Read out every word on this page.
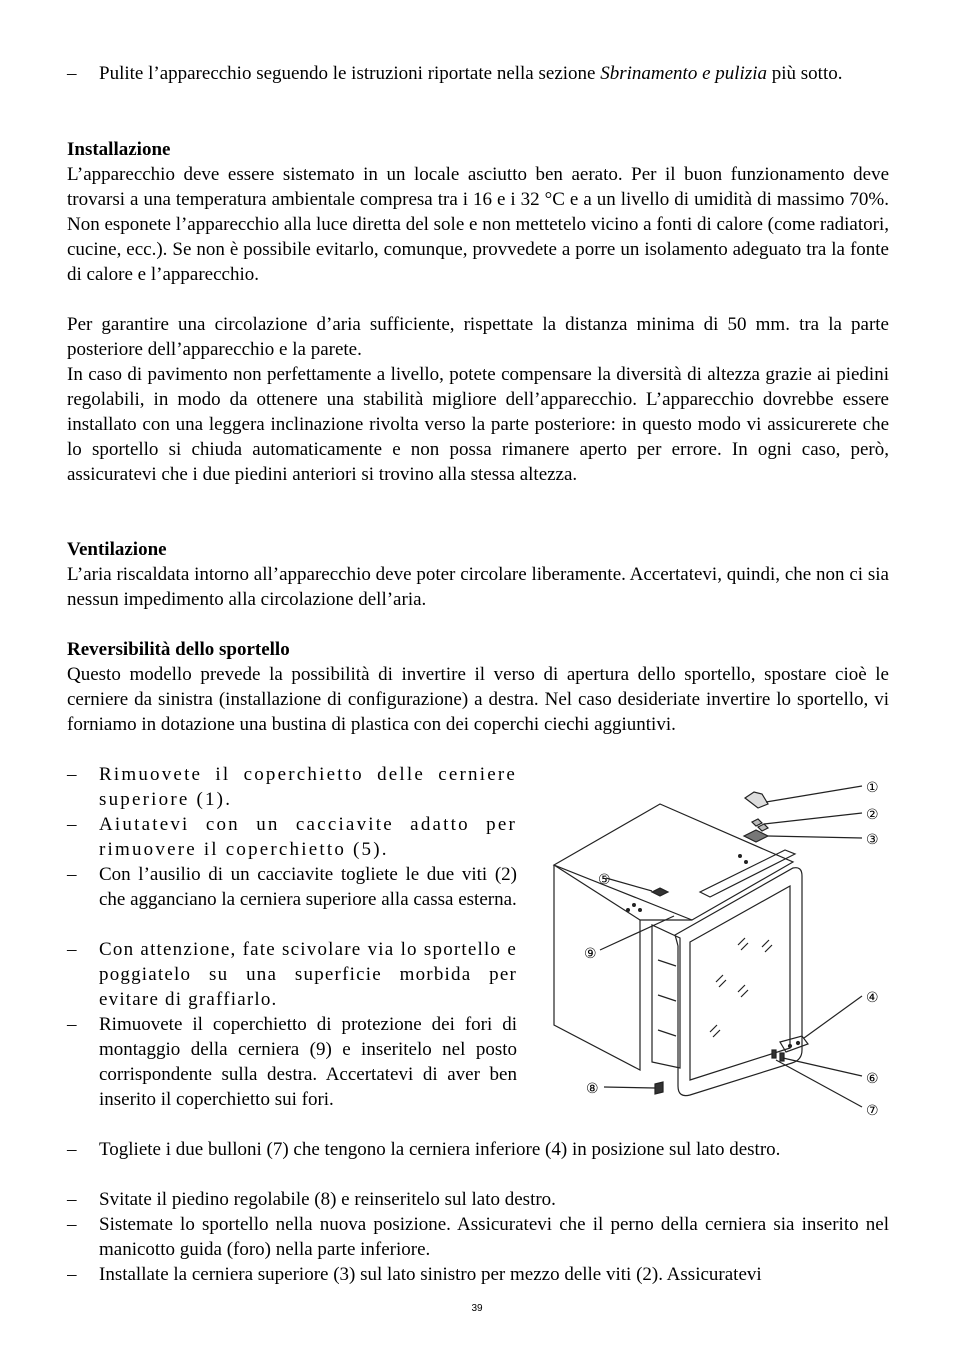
–	Pulite l’apparecchio seguendo le istruzioni riportate nella sezione Sbrinamento e pulizia più sotto.
Installazione
L’apparecchio deve essere sistemato in un locale asciutto ben aerato. Per il buon funzionamento deve trovarsi a una temperatura ambientale compresa tra i 16 e i 32 °C e a un livello di umidità di massimo 70%. Non esponete l’apparecchio alla luce diretta del sole e non mettetelo vicino a fonti di calore (come radiatori, cucine, ecc.). Se non è possibile evitarlo, comunque, provvedete a porre un isolamento adeguato tra la fonte di calore e l’apparecchio.
Per garantire una circolazione d’aria sufficiente, rispettate la distanza minima di 50 mm. tra la parte posteriore dell’apparecchio e la parete.
In caso di pavimento non perfettamente a livello, potete compensare la diversità di altezza grazie ai piedini regolabili, in modo da ottenere una stabilità migliore dell’apparecchio. L’apparecchio dovrebbe essere installato con una leggera inclinazione rivolta verso la parte posteriore: in questo modo vi assicurerete che lo sportello si chiuda automaticamente e non possa rimanere aperto per errore. In ogni caso, però, assicuratevi che i due piedini anteriori si trovino alla stessa altezza.
Ventilazione
L’aria riscaldata intorno all’apparecchio deve poter circolare liberamente. Accertatevi, quindi, che non ci sia nessun impedimento alla circolazione dell’aria.
Reversibilità dello sportello
Questo modello prevede la possibilità di invertire il verso di apertura dello sportello, spostare cioè le cerniere da sinistra (installazione di configurazione) a destra. Nel caso desideriate invertire lo sportello, vi forniamo in dotazione una bustina di plastica con dei coperchi ciechi aggiuntivi.
–	Rimuovete il coperchietto delle cerniere superiore (1).
–	Aiutatevi con un cacciavite adatto per rimuovere il coperchietto (5).
–	Con l’ausilio di un cacciavite togliete le due viti (2) che agganciano la cerniera superiore alla cassa esterna.
–	Con attenzione, fate scivolare via lo sportello e poggiatelo su una superficie morbida per evitare di graffiarlo.
–	Rimuovete il coperchietto di protezione dei fori di montaggio della cerniera (9) e inseritelo nel posto corrispondente sulla destra. Accertatevi di aver ben inserito il coperchietto sui fori.
–	Togliete i due bulloni (7) che tengono la cerniera inferiore (4) in posizione sul lato destro.
–	Svitate il piedino regolabile (8) e reinseritelo sul lato destro.
–	Sistemate lo sportello nella nuova posizione. Assicuratevi che il perno della cerniera sia inserito nel manicotto guida (foro) nella parte inferiore.
–	Installate la cerniera superiore (3) sul lato sinistro per mezzo delle viti (2). Assicuratevi
①
②
③
④
⑤
⑥
⑦
⑧
⑨
39
